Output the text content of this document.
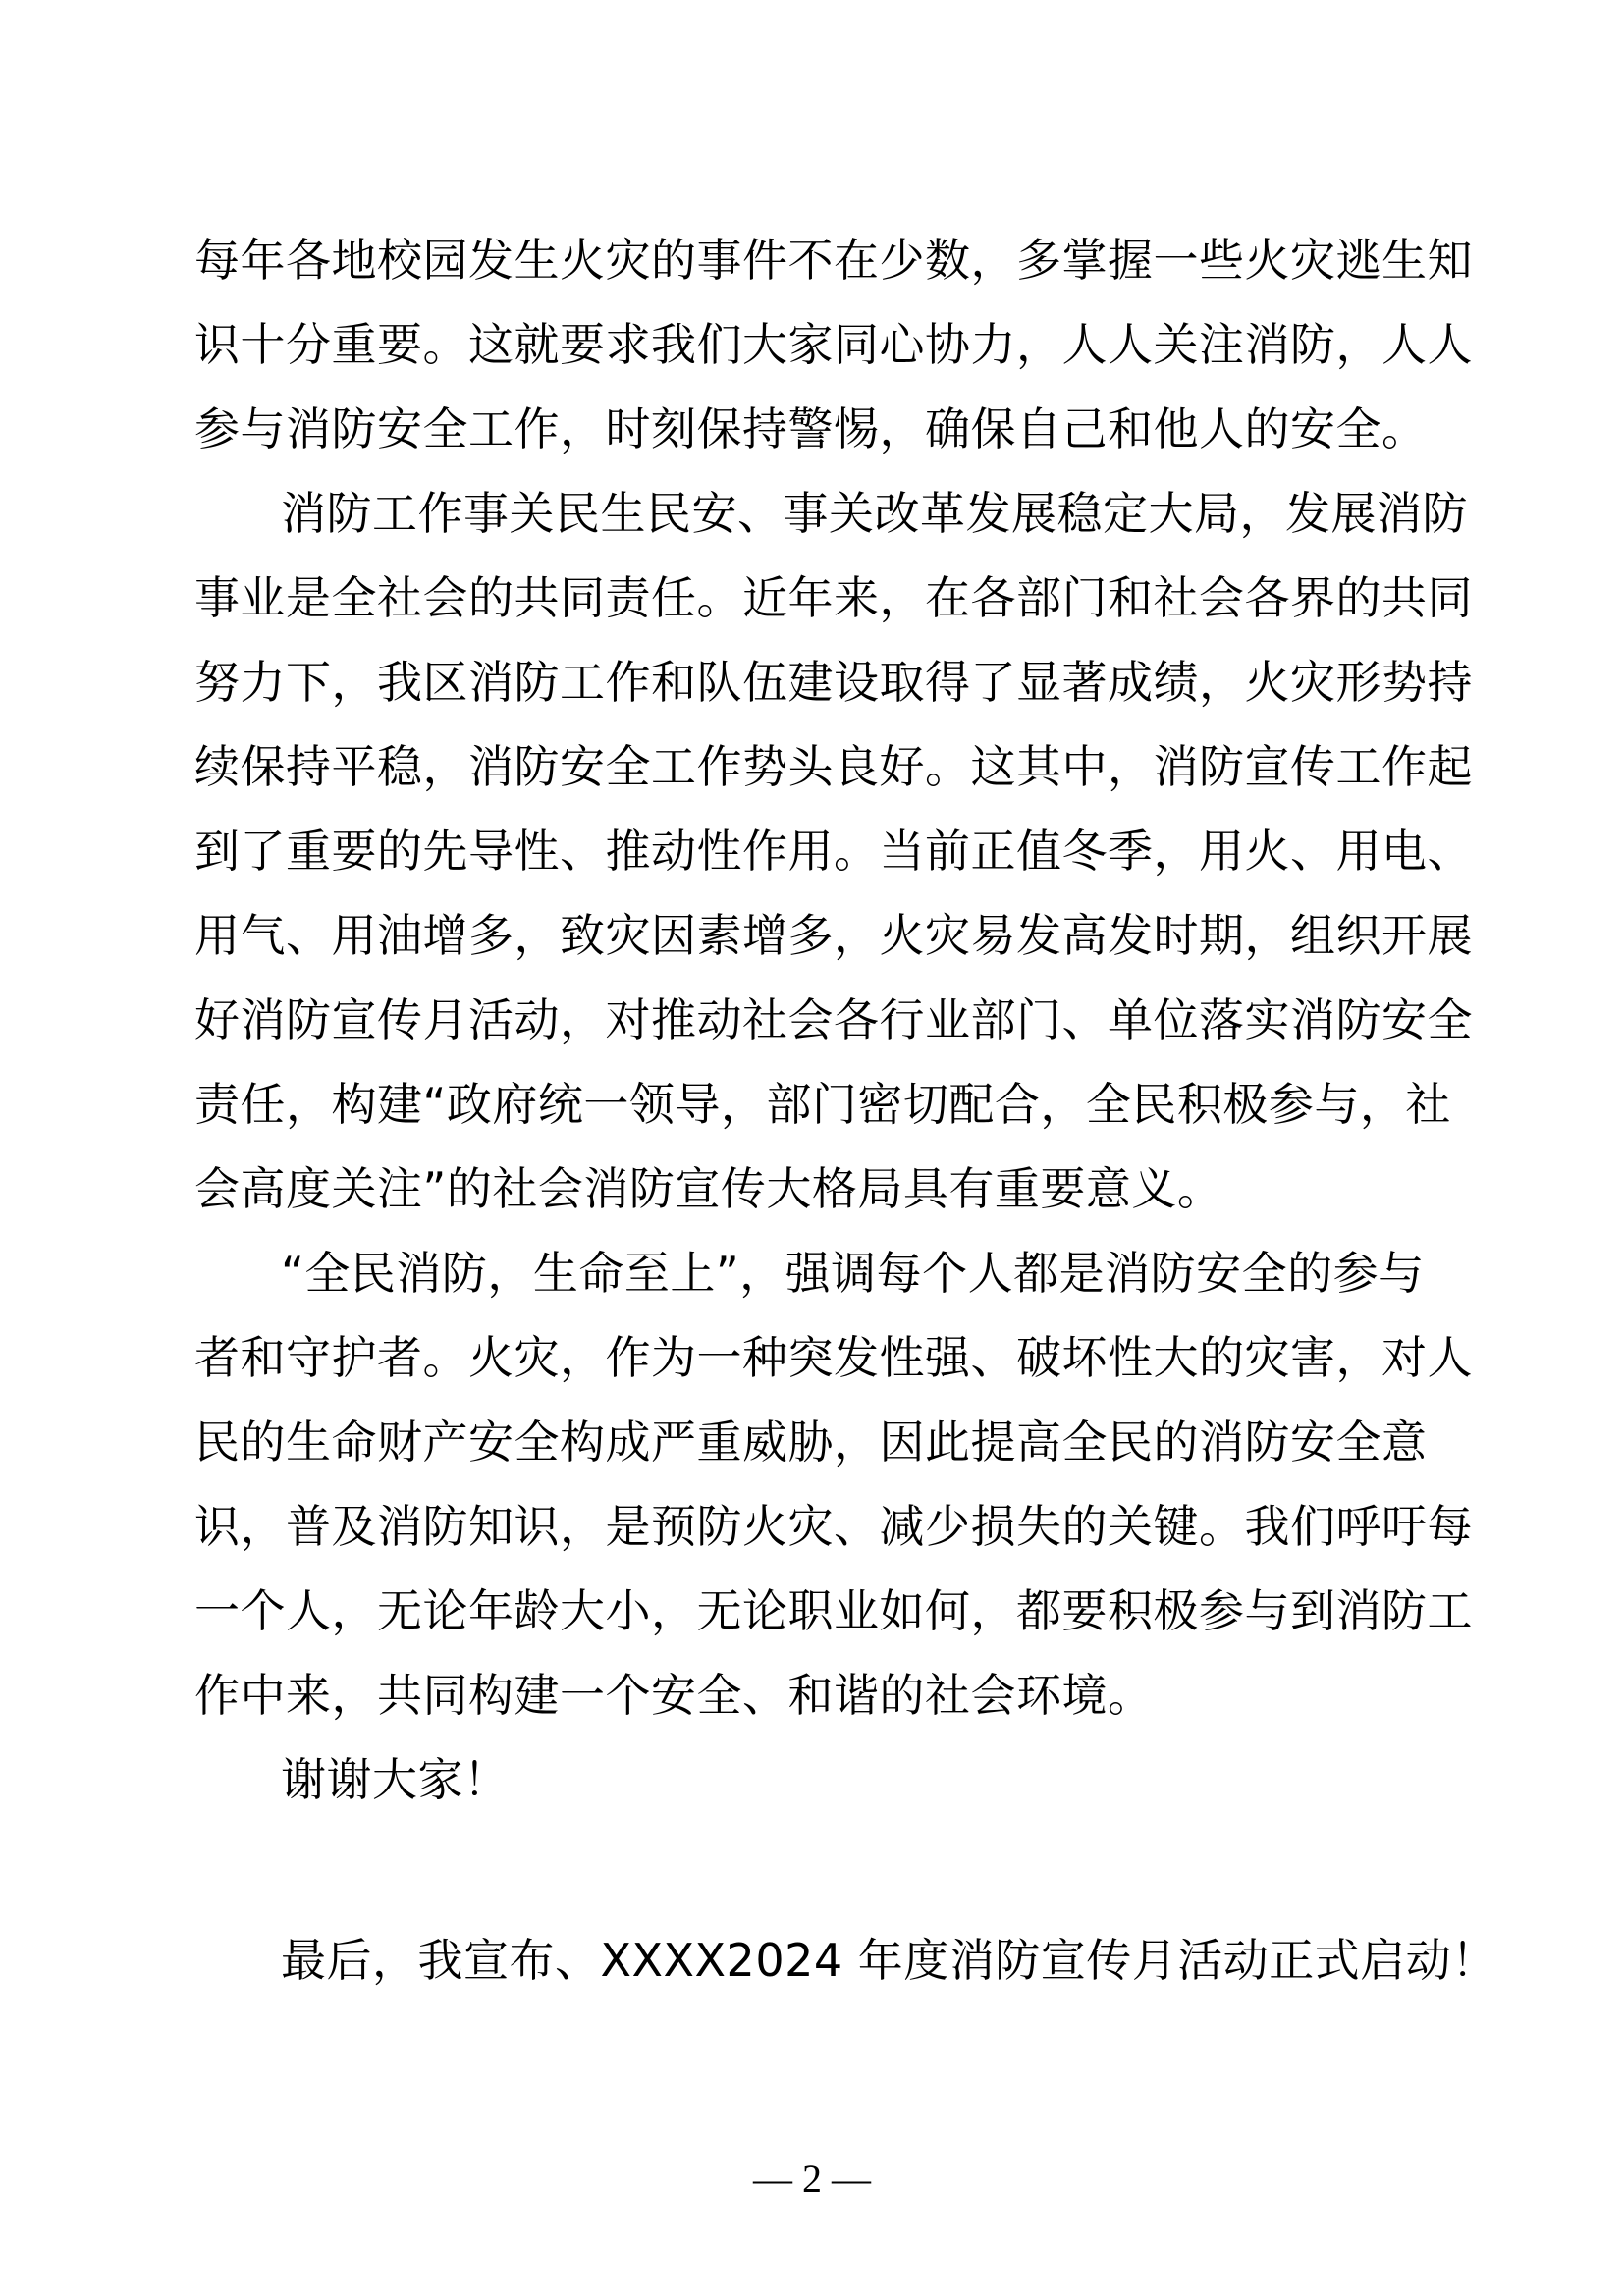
每年各地校园发生火灾的事件不在少数，多掌握一些火灾逃生知
识十分重要。这就要求我们大家同心协力，人人关注消防，人人
参与消防安全工作，时刻保持警惕，确保自己和他人的安全。
消防工作事关民生民安、事关改革发展稳定大局，发展消防
事业是全社会的共同责任。近年来，在各部门和社会各界的共同
努力下，我区消防工作和队伍建设取得了显著成绩，火灾形势持
续保持平稳，消防安全工作势头良好。这其中，消防宣传工作起
到了重要的先导性、推动性作用。当前正值冬季，用火、用电、
用气、用油增多，致灾因素增多，火灾易发高发时期，组织开展
好消防宣传月活动，对推动社会各行业部门、单位落实消防安全
责任，构建“政府统一领导，部门密切配合，全民积极参与，社
会高度关注”的社会消防宣传大格局具有重要意义。
“全民消防，生命至上”，强调每个人都是消防安全的参与
者和守护者。火灾，作为一种突发性强、破坏性大的灾害，对人
民的生命财产安全构成严重威胁，因此提高全民的消防安全意
识，普及消防知识，是预防火灾、减少损失的关键。我们呼吁每
一个人，无论年龄大小，无论职业如何，都要积极参与到消防工
作中来，共同构建一个安全、和谐的社会环境。
谢谢大家！
最后，我宣布、XXXX2024 年度消防宣传月活动正式启动！
— 2 —
